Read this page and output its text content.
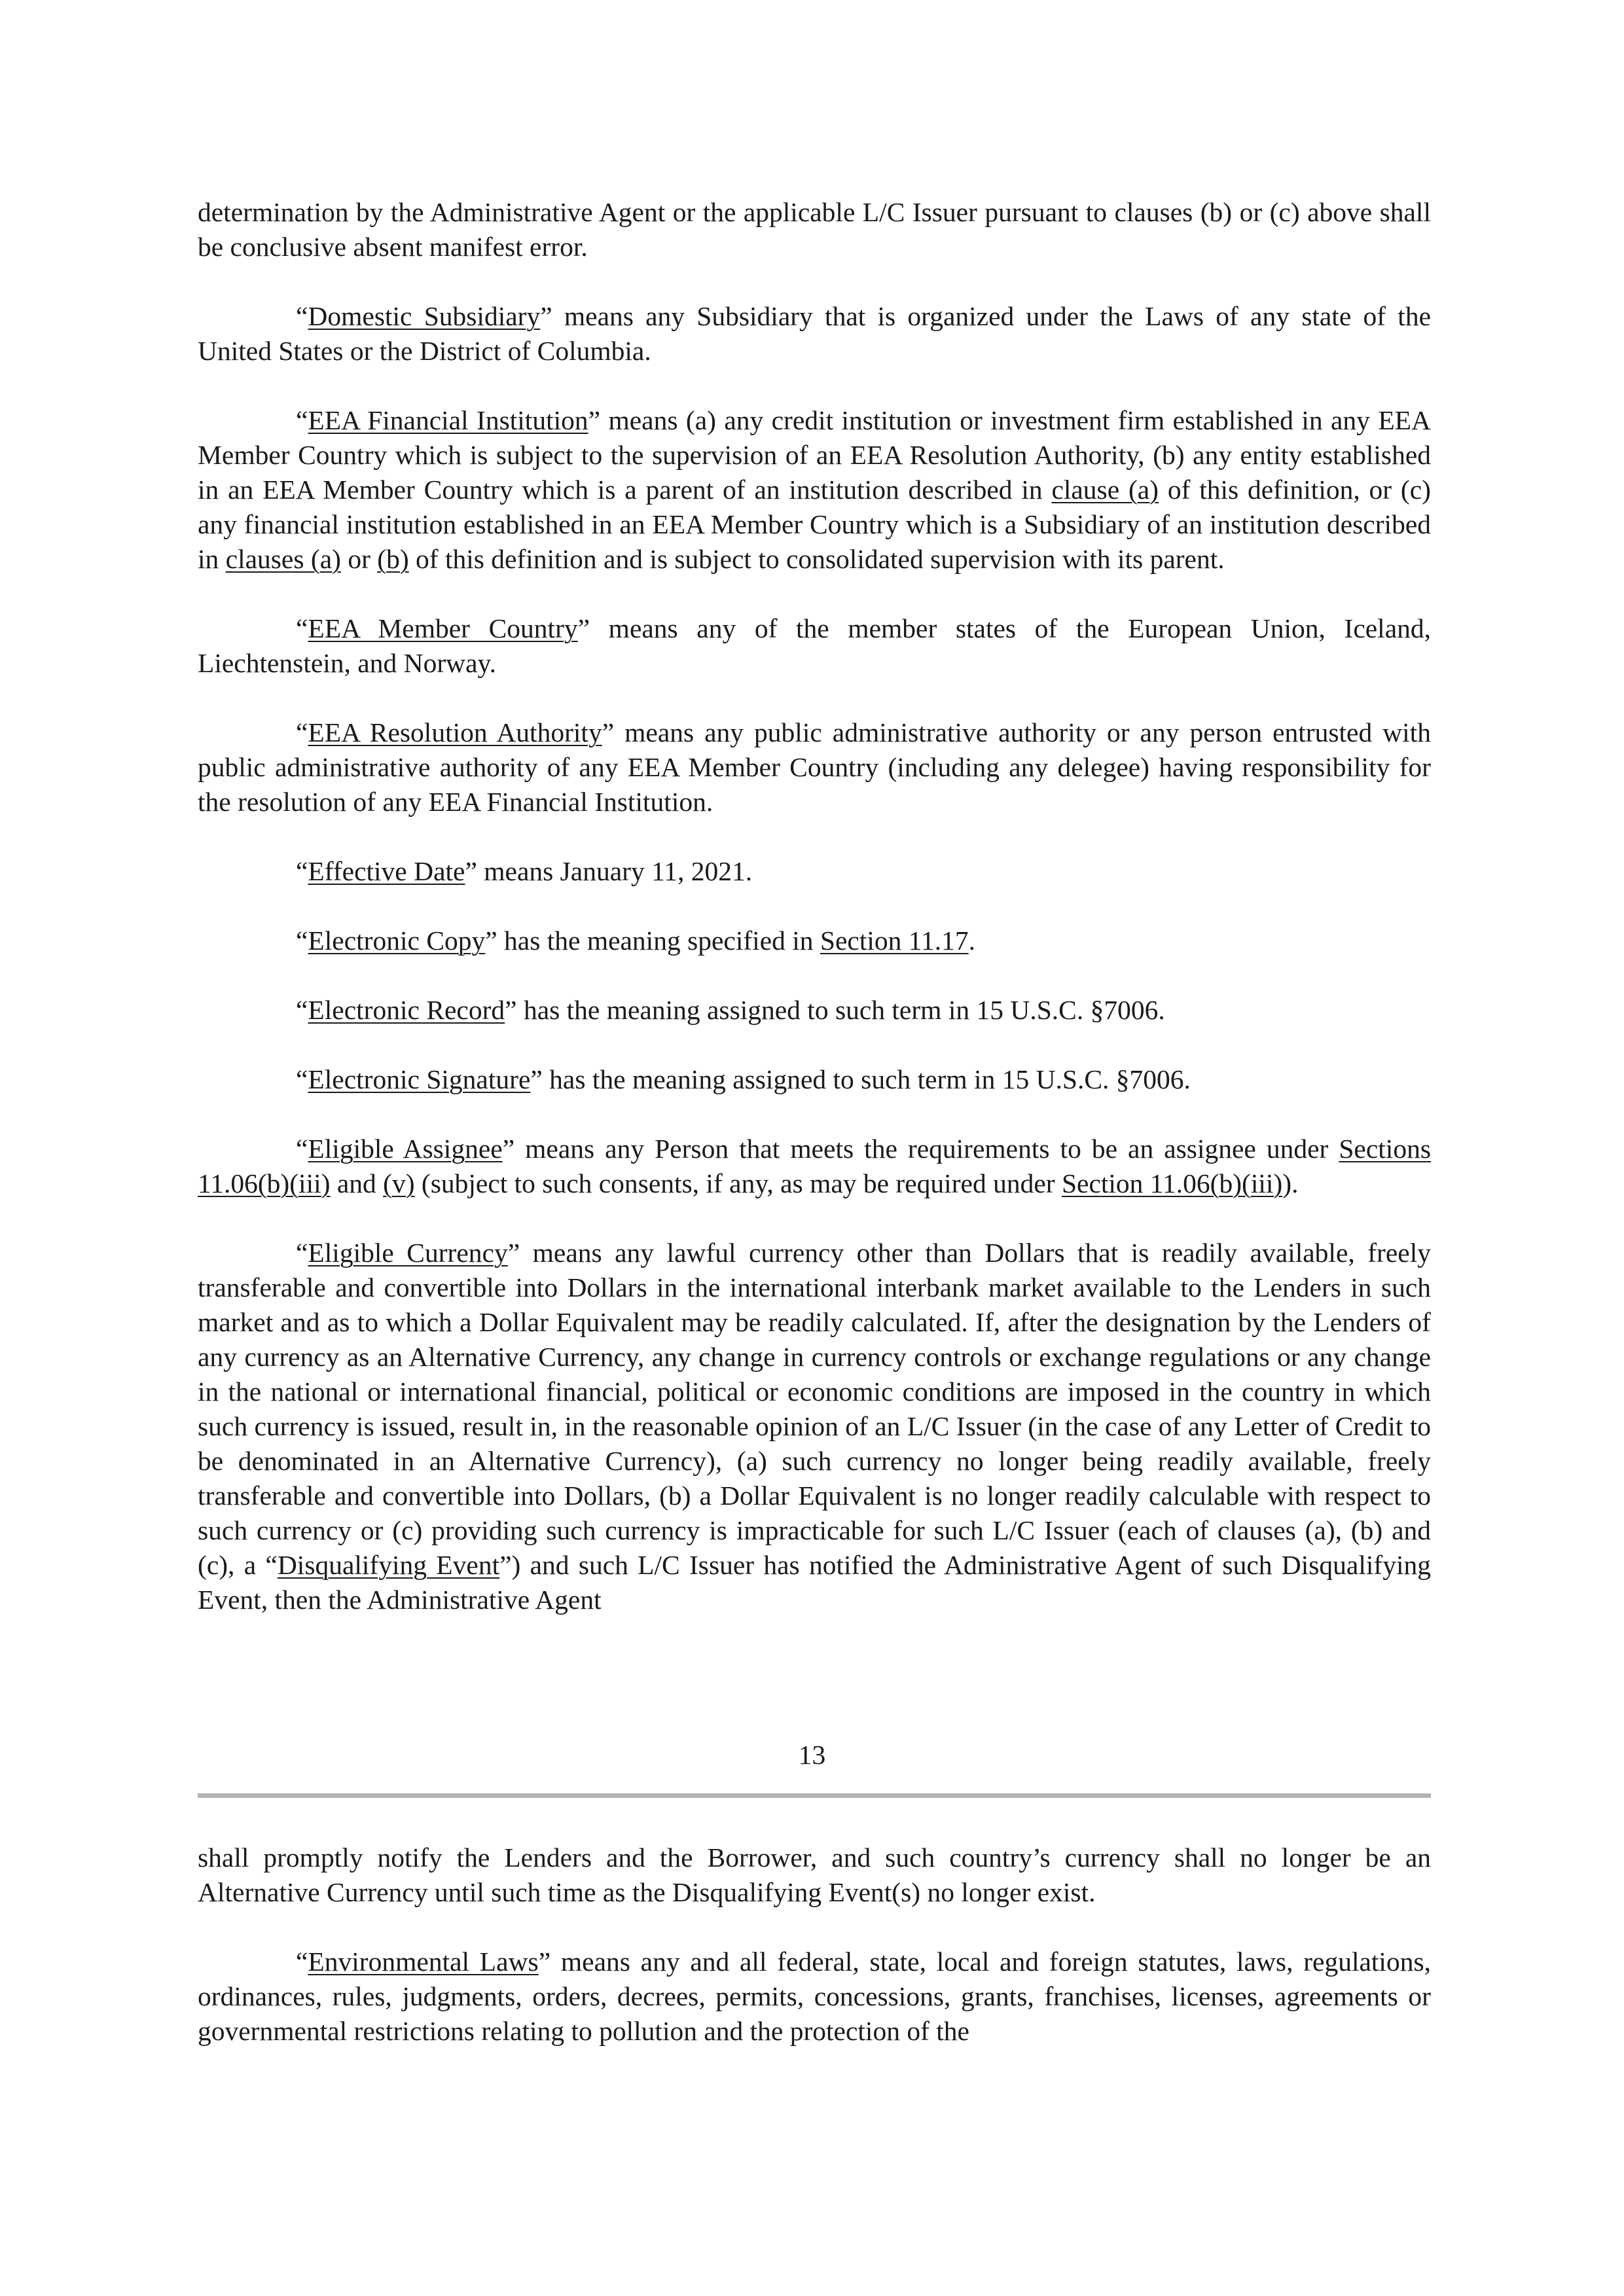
determination by the Administrative Agent or the applicable L/C Issuer pursuant to clauses (b) or (c) above shall be conclusive absent manifest error.

“Domestic Subsidiary” means any Subsidiary that is organized under the Laws of any state of the United States or the District of Columbia.

“EEA Financial Institution” means (a) any credit institution or investment firm established in any EEA Member Country which is subject to the supervision of an EEA Resolution Authority, (b) any entity established in an EEA Member Country which is a parent of an institution described in clause (a) of this definition, or (c) any financial institution established in an EEA Member Country which is a Subsidiary of an institution described in clauses (a) or (b) of this definition and is subject to consolidated supervision with its parent.

“EEA Member Country” means any of the member states of the European Union, Iceland, Liechtenstein, and Norway.

“EEA Resolution Authority” means any public administrative authority or any person entrusted with public administrative authority of any EEA Member Country (including any delegee) having responsibility for the resolution of any EEA Financial Institution.

“Effective Date” means January 11, 2021.

“Electronic Copy” has the meaning specified in Section 11.17.

“Electronic Record” has the meaning assigned to such term in 15 U.S.C. §7006.

“Electronic Signature” has the meaning assigned to such term in 15 U.S.C. §7006.

“Eligible Assignee” means any Person that meets the requirements to be an assignee under Sections 11.06(b)(iii) and (v) (subject to such consents, if any, as may be required under Section 11.06(b)(iii)).

“Eligible Currency” means any lawful currency other than Dollars that is readily available, freely transferable and convertible into Dollars in the international interbank market available to the Lenders in such market and as to which a Dollar Equivalent may be readily calculated. If, after the designation by the Lenders of any currency as an Alternative Currency, any change in currency controls or exchange regulations or any change in the national or international financial, political or economic conditions are imposed in the country in which such currency is issued, result in, in the reasonable opinion of an L/C Issuer (in the case of any Letter of Credit to be denominated in an Alternative Currency), (a) such currency no longer being readily available, freely transferable and convertible into Dollars, (b) a Dollar Equivalent is no longer readily calculable with respect to such currency or (c) providing such currency is impracticable for such L/C Issuer (each of clauses (a), (b) and (c), a “Disqualifying Event”) and such L/C Issuer has notified the Administrative Agent of such Disqualifying Event, then the Administrative Agent

13

shall promptly notify the Lenders and the Borrower, and such country’s currency shall no longer be an Alternative Currency until such time as the Disqualifying Event(s) no longer exist.

“Environmental Laws” means any and all federal, state, local and foreign statutes, laws, regulations, ordinances, rules, judgments, orders, decrees, permits, concessions, grants, franchises, licenses, agreements or governmental restrictions relating to pollution and the protection of the
